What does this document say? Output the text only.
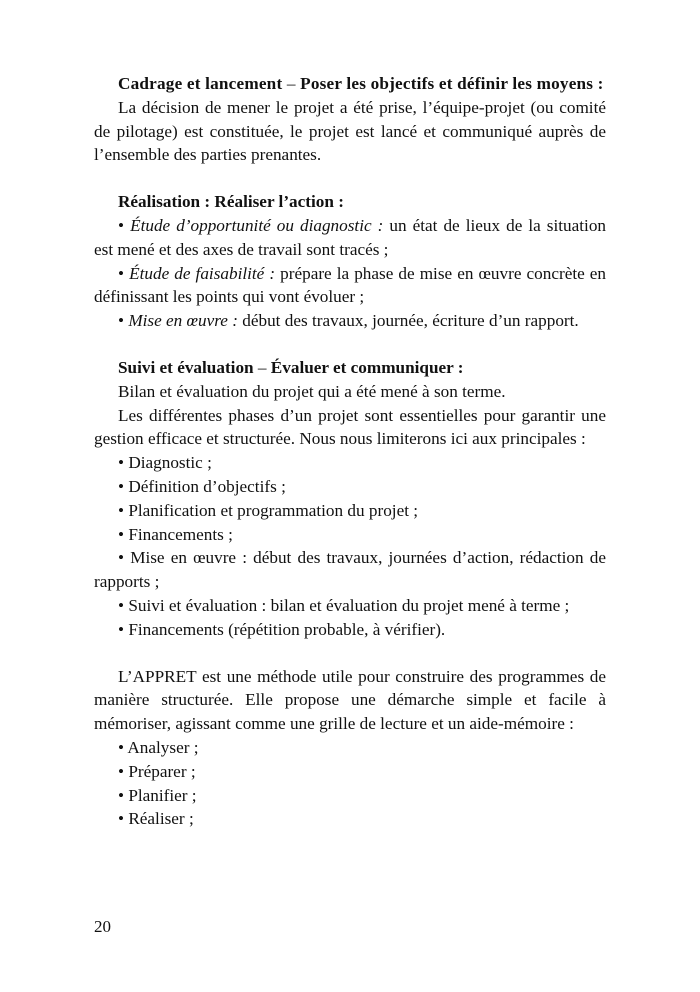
Cadrage et lancement – Poser les objectifs et définir les moyens :

La décision de mener le projet a été prise, l’équipe-projet (ou comité de pilotage) est constituée, le projet est lancé et communiqué auprès de l’ensemble des parties prenantes.

Réalisation : Réaliser l’action :

• Étude d’opportunité ou diagnostic : un état de lieux de la situation est mené et des axes de travail sont tracés ;

• Étude de faisabilité : prépare la phase de mise en œuvre concrète en définissant les points qui vont évoluer ;

• Mise en œuvre : début des travaux, journée, écriture d’un rapport.

Suivi et évaluation – Évaluer et communiquer :

Bilan et évaluation du projet qui a été mené à son terme.

Les différentes phases d’un projet sont essentielles pour garantir une gestion efficace et structurée. Nous nous limiterons ici aux principales :

• Diagnostic ;

• Définition d’objectifs ;

• Planification et programmation du projet ;

• Financements ;

• Mise en œuvre : début des travaux, journées d’action, rédaction de rapports ;

• Suivi et évaluation : bilan et évaluation du projet mené à terme ;

• Financements (répétition probable, à vérifier).

L’APPRET est une méthode utile pour construire des programmes de manière structurée. Elle propose une démarche simple et facile à mémoriser, agissant comme une grille de lecture et un aide-mémoire :

• Analyser ;

• Préparer ;

• Planifier ;

• Réaliser ;

20
